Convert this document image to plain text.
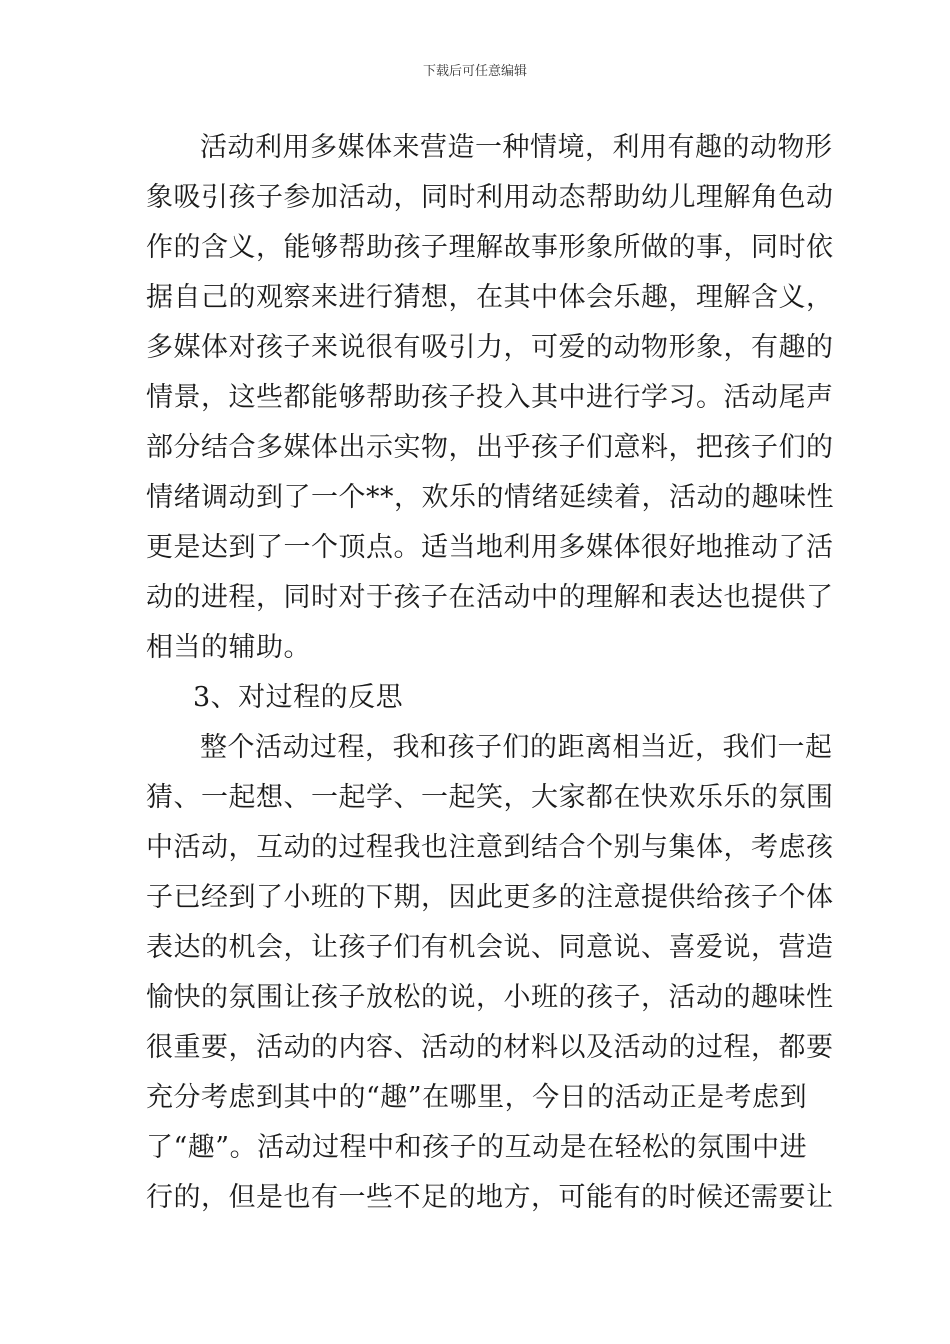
下载后可任意编辑
活动利用多媒体来营造一种情境，利用有趣的动物形
象吸引孩子参加活动，同时利用动态帮助幼儿理解角色动
作的含义，能够帮助孩子理解故事形象所做的事，同时依
据自己的观察来进行猜想，在其中体会乐趣，理解含义，
多媒体对孩子来说很有吸引力，可爱的动物形象，有趣的
情景，这些都能够帮助孩子投入其中进行学习。活动尾声
部分结合多媒体出示实物，出乎孩子们意料，把孩子们的
情绪调动到了一个**，欢乐的情绪延续着，活动的趣味性
更是达到了一个顶点。适当地利用多媒体很好地推动了活
动的进程，同时对于孩子在活动中的理解和表达也提供了
相当的辅助。
3、对过程的反思
整个活动过程，我和孩子们的距离相当近，我们一起
猜、一起想、一起学、一起笑，大家都在快欢乐乐的氛围
中活动，互动的过程我也注意到结合个别与集体，考虑孩
子已经到了小班的下期，因此更多的注意提供给孩子个体
表达的机会，让孩子们有机会说、同意说、喜爱说，营造
愉快的氛围让孩子放松的说，小班的孩子，活动的趣味性
很重要，活动的内容、活动的材料以及活动的过程，都要
充分考虑到其中的“趣”在哪里，今日的活动正是考虑到
了“趣”。活动过程中和孩子的互动是在轻松的氛围中进
行的，但是也有一些不足的地方，可能有的时候还需要让
